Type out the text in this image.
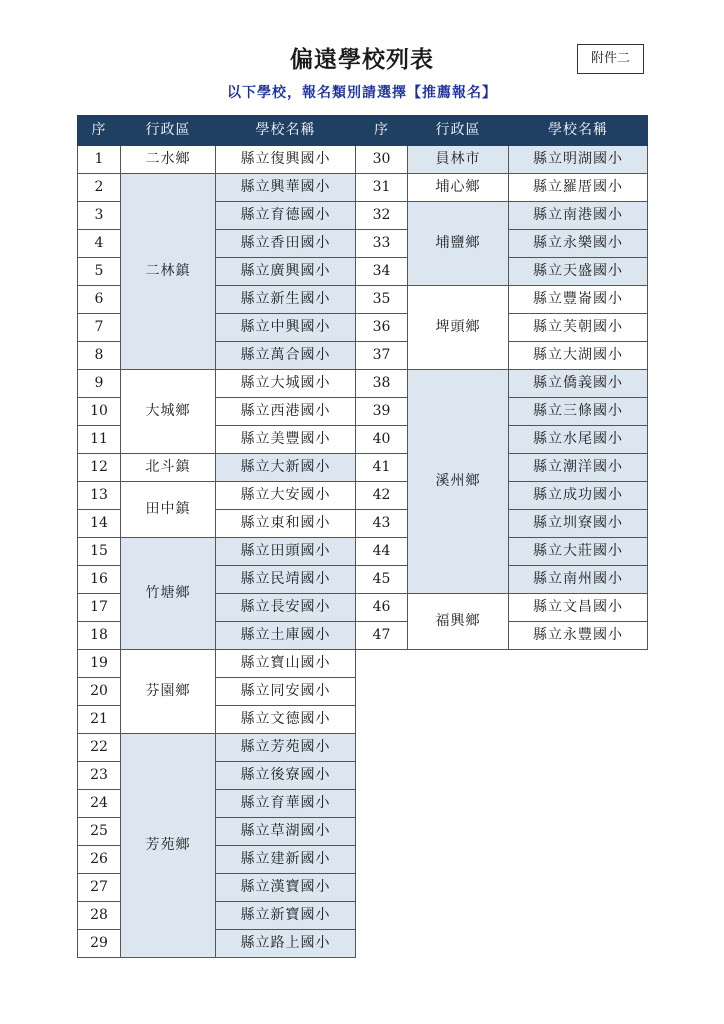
偏遠學校列表	附件二
以下學校，報名類別請選擇【推薦報名】
序	行政區	學校名稱	序	行政區	學校名稱
1	二水鄉	縣立復興國小	30	員林市	縣立明湖國小
2	二林鎮	縣立興華國小	31	埔心鄉	縣立羅厝國小
3		縣立育德國小	32	埔鹽鄉	縣立南港國小
4		縣立香田國小	33		縣立永樂國小
5		縣立廣興國小	34		縣立天盛國小
6		縣立新生國小	35	埤頭鄉	縣立豐崙國小
7		縣立中興國小	36		縣立芙朝國小
8		縣立萬合國小	37		縣立大湖國小
9	大城鄉	縣立大城國小	38	溪州鄉	縣立僑義國小
10		縣立西港國小	39		縣立三條國小
11		縣立美豐國小	40		縣立水尾國小
12	北斗鎮	縣立大新國小	41		縣立潮洋國小
13	田中鎮	縣立大安國小	42		縣立成功國小
14		縣立東和國小	43		縣立圳寮國小
15	竹塘鄉	縣立田頭國小	44		縣立大莊國小
16		縣立民靖國小	45		縣立南州國小
17		縣立長安國小	46	福興鄉	縣立文昌國小
18		縣立土庫國小	47		縣立永豐國小
19	芬園鄉	縣立寶山國小			
20		縣立同安國小			
21		縣立文德國小			
22	芳苑鄉	縣立芳苑國小			
23		縣立後寮國小			
24		縣立育華國小			
25		縣立草湖國小			
26		縣立建新國小			
27		縣立漢寶國小			
28		縣立新寶國小			
29		縣立路上國小			
